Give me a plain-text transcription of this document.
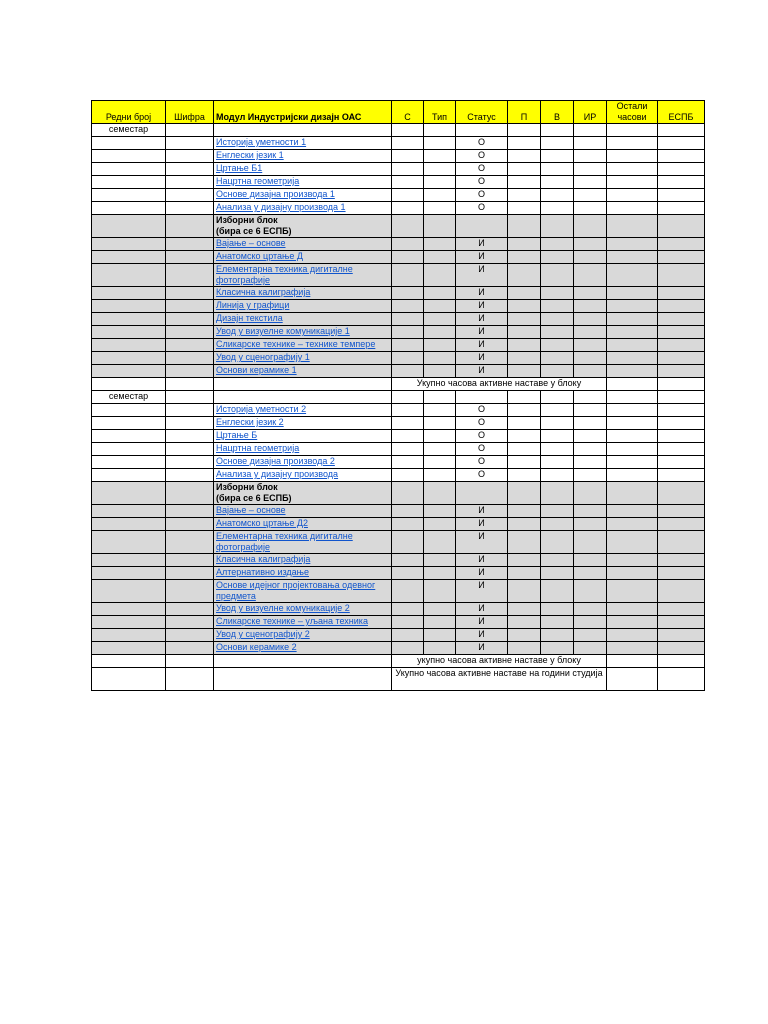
Редни број	Шифра	Модул Индустријски дизајн ОАС	С	Тип	Статус	П	В	ИР	Остали часови	ЕСПБ
семестар										
		Историја уметности 1			О					
		Енглески језик 1			О					
		Цртање Б1			О					
		Нацртна геометрија			О					
		Основе дизајна производа 1			О					
		Анализа у дизајну производа 1			О					

		Изборни блок
(бира се 6 ЕСПБ)								

		Вајање – основе			И					
		Анатомско цртање Д			И					
		Елементарна техника дигиталне фотографије			И					
		Класична калиграфија			И					
		Линија у графици			И					
		Дизајн текстила			И					
		Увод у визуелне комуникације 1			И					
		Сликарске технике – технике темпере			И					
		Увод у сценографију 1			И					
		Основи керамике 1			И					
			Укупно часова активне наставе у блоку							
семестар										
		Историја уметности 2			О					
		Енглески језик 2			О					
		Цртање Б			О					
		Нацртна геометрија			О					
		Основе дизајна производа 2			О					
		Анализа у дизајну производа			О					

		Изборни блок
(бира се 6 ЕСПБ)								

		Вајање – основе			И					
		Анатомско цртање Д2			И					
		Елементарна техника дигиталне фотографије			И					
		Класична калиграфија			И					
		Алтернативно издање			И					
		Основе идејног пројектовања одевног предмета			И					
		Увод у визуелне комуникације 2			И					
		Сликарске технике – уљана техника			И					
		Увод у сценографију 2			И					
		Основи керамике 2			И					
			укупно часова активне наставе у блоку							
			Укупно часова активне наставе на години студија							
